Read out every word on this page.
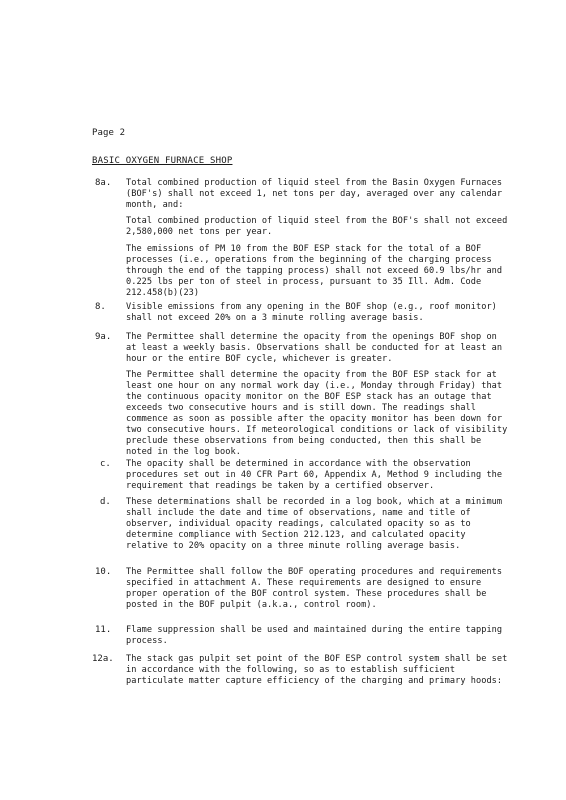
Page 2
BASIC OXYGEN FURNACE SHOP
8a.	Total combined production of liquid steel from the Basin Oxygen Furnaces (BOF's) shall not exceed 1, net tons per day, averaged over any calendar month, and:

Total combined production of liquid steel from the BOF's shall not exceed 2,580,000 net tons per year.

The emissions of PM 10 from the BOF ESP stack for the total of a BOF processes (i.e., operations from the beginning of the charging process through the end of the tapping process) shall not exceed 60.9 lbs/hr and 0.225 lbs per ton of steel in process, pursuant to 35 Ill. Adm. Code 212.458(b)(23)

8.	Visible emissions from any opening in the BOF shop (e.g., roof monitor) shall not exceed 20% on a 3 minute rolling average basis.

9a.	The Permittee shall determine the opacity from the openings BOF shop on at least a weekly basis. Observations shall be conducted for at least an hour or the entire BOF cycle, whichever is greater.

The Permittee shall determine the opacity from the BOF ESP stack for at least one hour on any normal work day (i.e., Monday through Friday) that the continuous opacity monitor on the BOF ESP stack has an outage that exceeds two consecutive hours and is still down. The readings shall commence as soon as possible after the opacity monitor has been down for two consecutive hours. If meteorological conditions or lack of visibility preclude these observations from being conducted, then this shall be noted in the log book.

c.	The opacity shall be determined in accordance with the observation procedures set out in 40 CFR Part 60, Appendix A, Method 9 including the requirement that readings be taken by a certified observer.

d.	These determinations shall be recorded in a log book, which at a minimum shall include the date and time of observations, name and title of observer, individual opacity readings, calculated opacity so as to determine compliance with Section 212.123, and calculated opacity relative to 20% opacity on a three minute rolling average basis.

10.	The Permittee shall follow the BOF operating procedures and requirements specified in attachment A. These requirements are designed to ensure proper operation of the BOF control system. These procedures shall be posted in the BOF pulpit (a.k.a., control room).

11.	Flame suppression shall be used and maintained during the entire tapping process.

12a.	The stack gas pulpit set point of the BOF ESP control system shall be set in accordance with the following, so as to establish sufficient particulate matter capture efficiency of the charging and primary hoods:
